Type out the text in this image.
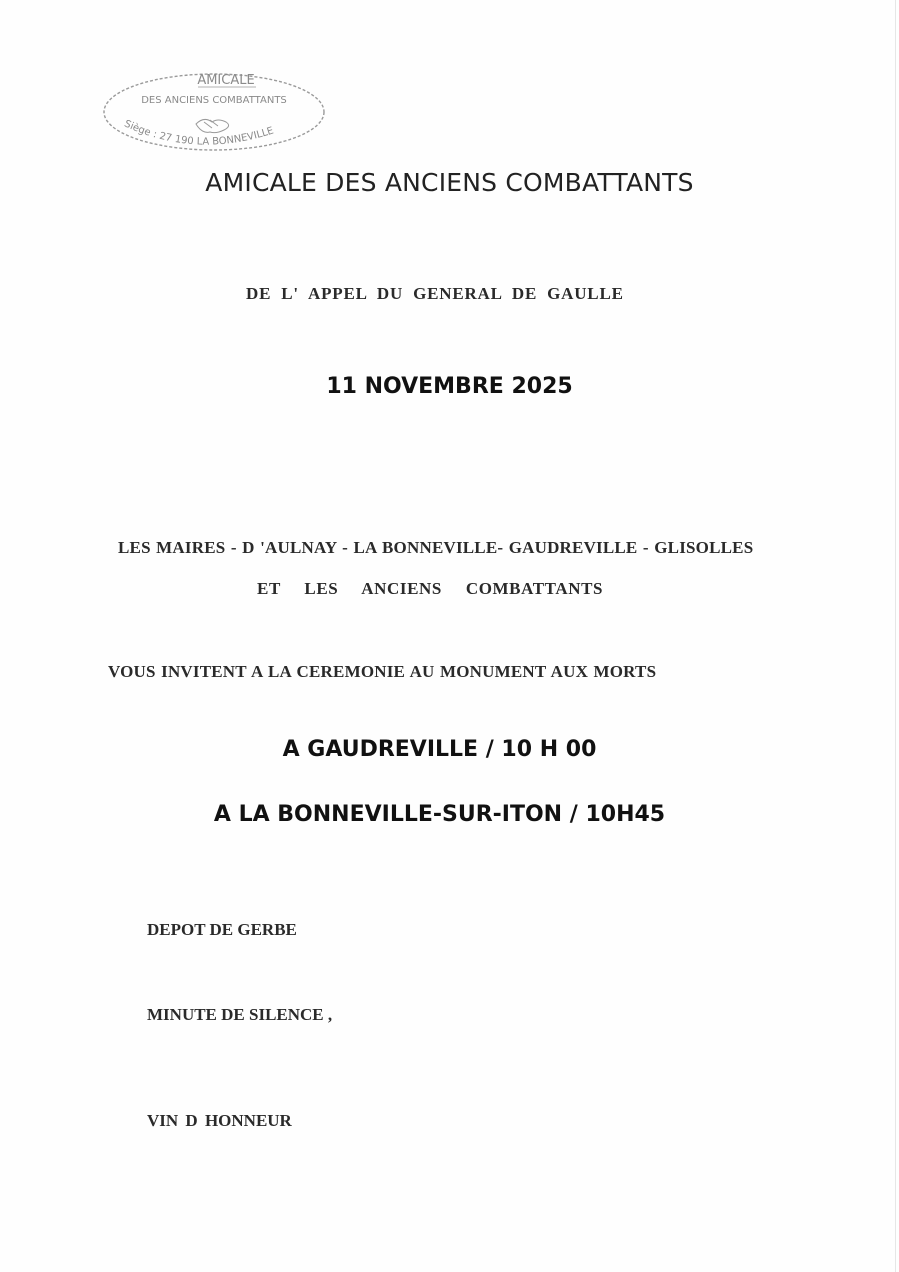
AMICALE
DES ANCIENS COMBATTANTS
Siège : 27 190 LA BONNEVILLE
AMICALE DES ANCIENS COMBATTANTS
DE L' APPEL DU GENERAL DE GAULLE
11 NOVEMBRE 2025
LES MAIRES - D 'AULNAY - LA BONNEVILLE- GAUDREVILLE - GLISOLLES
ET LES ANCIENS COMBATTANTS
VOUS INVITENT A LA CEREMONIE AU MONUMENT AUX MORTS
A GAUDREVILLE / 10 H 00
A LA BONNEVILLE-SUR-ITON / 10H45
DEPOT DE GERBE
MINUTE DE SILENCE ,
VIN D HONNEUR
